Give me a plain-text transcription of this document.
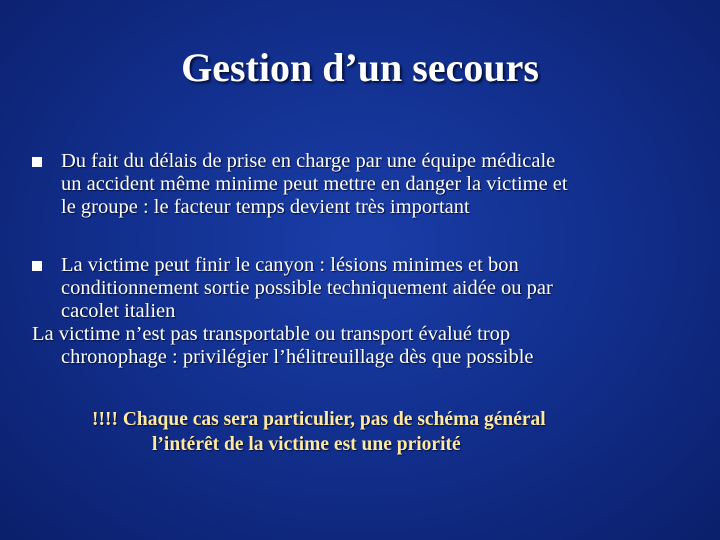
Gestion d’un secours
Du fait du délais de prise en charge par une équipe médicale
un accident même minime peut mettre en danger la victime et
le groupe : le facteur temps devient très important
La victime peut finir le canyon : lésions minimes et bon
conditionnement sortie possible techniquement aidée ou par
cacolet italien
La victime n’est pas transportable ou transport évalué trop
chronophage : privilégier l’hélitreuillage dès que possible
!!!! Chaque cas sera particulier, pas de schéma général
l’intérêt de la victime est une priorité
